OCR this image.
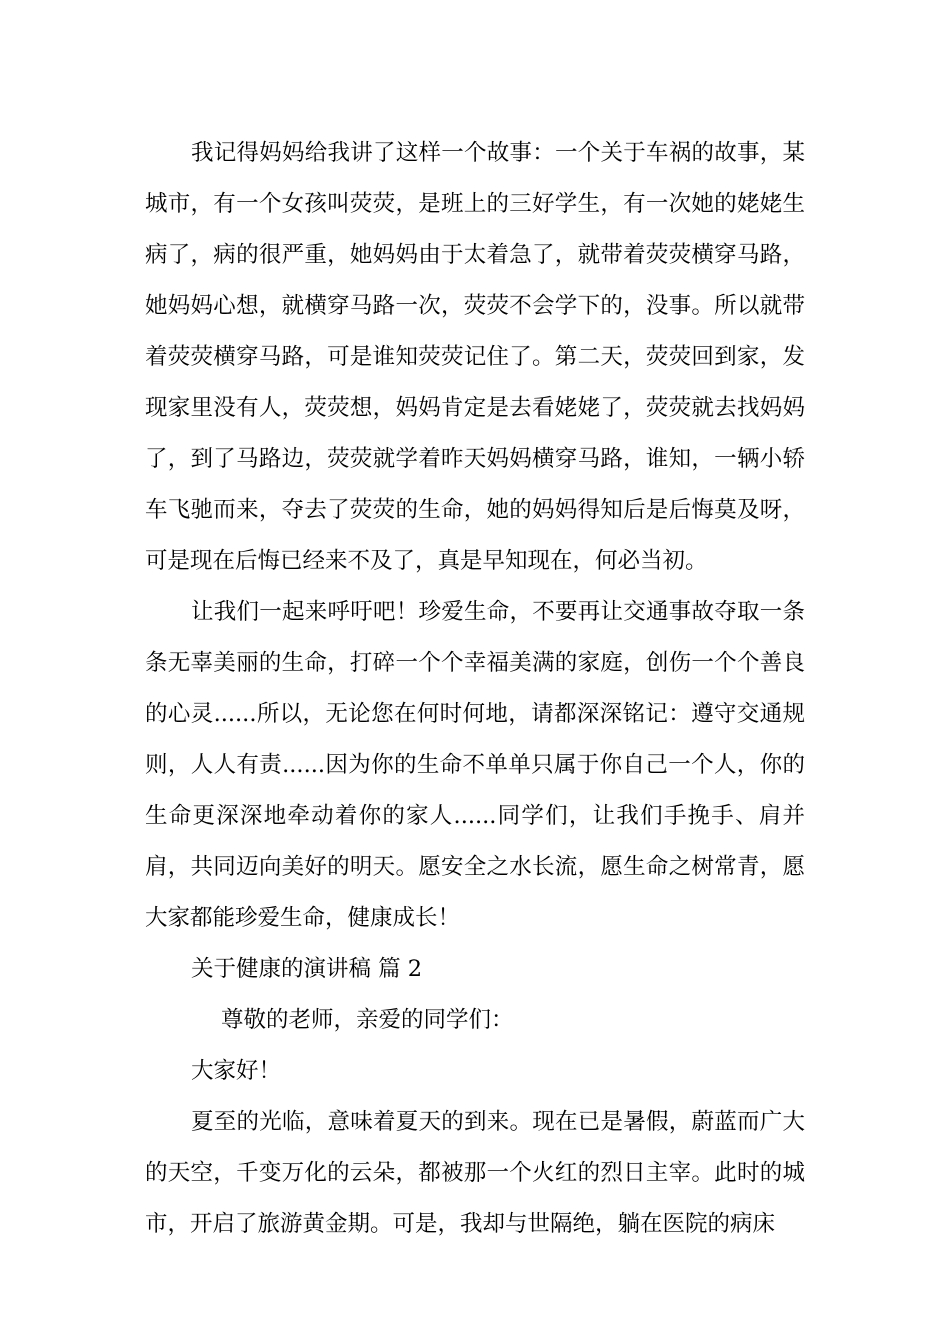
我记得妈妈给我讲了这样一个故事：一个关于车祸的故事，某城市，有一个女孩叫荧荧，是班上的三好学生，有一次她的姥姥生病了，病的很严重，她妈妈由于太着急了，就带着荧荧横穿马路，她妈妈心想，就横穿马路一次，荧荧不会学下的，没事。所以就带着荧荧横穿马路，可是谁知荧荧记住了。第二天，荧荧回到家，发现家里没有人，荧荧想，妈妈肯定是去看姥姥了，荧荧就去找妈妈了，到了马路边，荧荧就学着昨天妈妈横穿马路，谁知，一辆小轿车飞驰而来，夺去了荧荧的生命，她的妈妈得知后是后悔莫及呀，可是现在后悔已经来不及了，真是早知现在，何必当初。

让我们一起来呼吁吧！珍爱生命，不要再让交通事故夺取一条条无辜美丽的生命，打碎一个个幸福美满的家庭，创伤一个个善良的心灵......所以，无论您在何时何地，请都深深铭记：遵守交通规则，人人有责......因为你的生命不单单只属于你自己一个人，你的生命更深深地牵动着你的家人......同学们，让我们手挽手、肩并肩，共同迈向美好的明天。愿安全之水长流，愿生命之树常青，愿大家都能珍爱生命，健康成长！

关于健康的演讲稿 篇 2

尊敬的老师，亲爱的同学们：

大家好！

夏至的光临，意味着夏天的到来。现在已是暑假，蔚蓝而广大的天空，千变万化的云朵，都被那一个火红的烈日主宰。此时的城市，开启了旅游黄金期。可是，我却与世隔绝，躺在医院的病床
